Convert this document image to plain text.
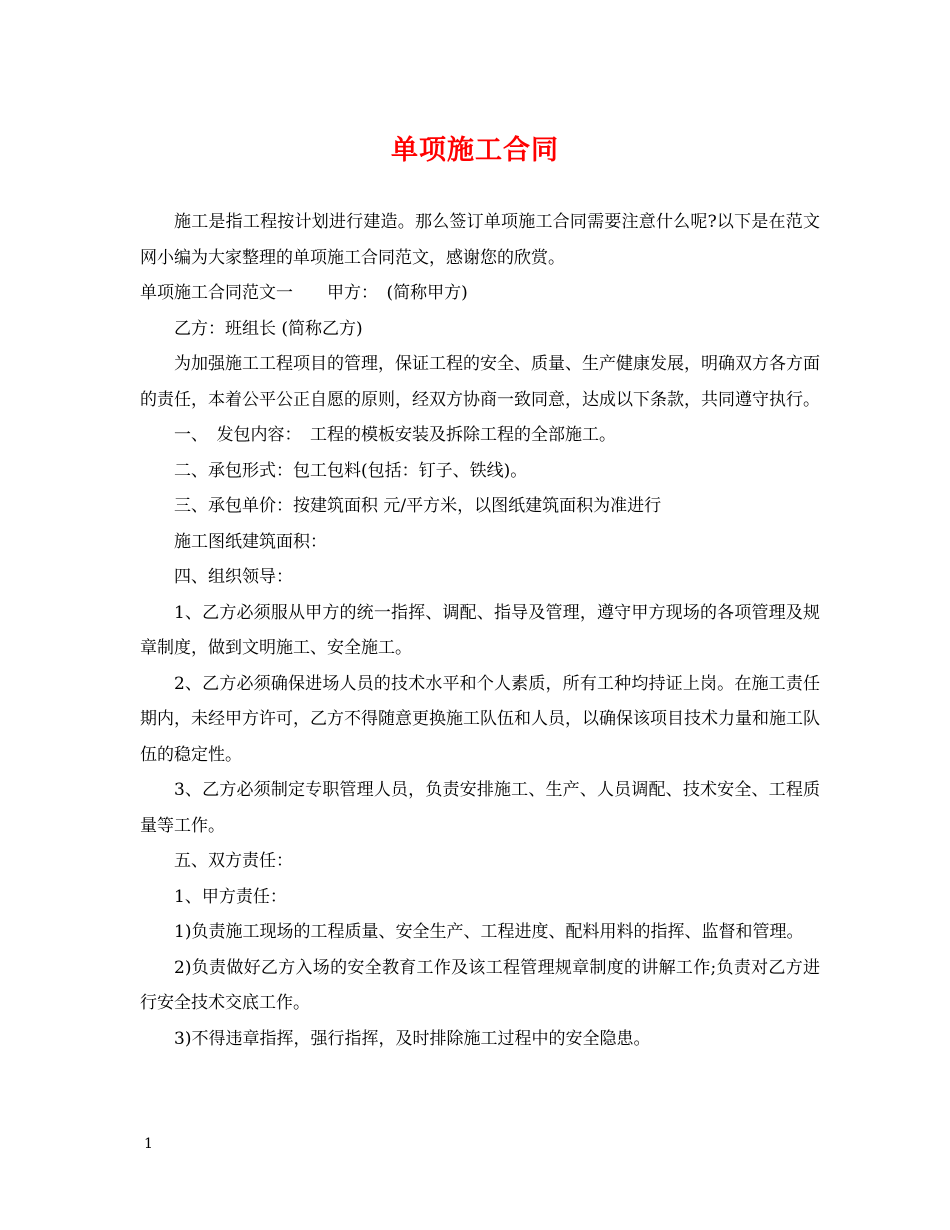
单项施工合同

施工是指工程按计划进行建造。那么签订单项施工合同需要注意什么呢?以下是在范文网小编为大家整理的单项施工合同范文，感谢您的欣赏。

单项施工合同范文一　　甲方：　(简称甲方)

乙方：班组长 (简称乙方)

为加强施工工程项目的管理，保证工程的安全、质量、生产健康发展，明确双方各方面的责任，本着公平公正自愿的原则，经双方协商一致同意，达成以下条款，共同遵守执行。

一、　发包内容：　工程的模板安装及拆除工程的全部施工。

二、承包形式：包工包料(包括：钉子、铁线)。

三、承包单价：按建筑面积 元/平方米，以图纸建筑面积为准进行

施工图纸建筑面积：

四、组织领导：

1、乙方必须服从甲方的统一指挥、调配、指导及管理，遵守甲方现场的各项管理及规章制度，做到文明施工、安全施工。

2、乙方必须确保进场人员的技术水平和个人素质，所有工种均持证上岗。在施工责任期内，未经甲方许可，乙方不得随意更换施工队伍和人员，以确保该项目技术力量和施工队伍的稳定性。

3、乙方必须制定专职管理人员，负责安排施工、生产、人员调配、技术安全、工程质量等工作。

五、双方责任：

1、甲方责任：

1)负责施工现场的工程质量、安全生产、工程进度、配料用料的指挥、监督和管理。

2)负责做好乙方入场的安全教育工作及该工程管理规章制度的讲解工作;负责对乙方进行安全技术交底工作。

3)不得违章指挥，强行指挥，及时排除施工过程中的安全隐患。

1
